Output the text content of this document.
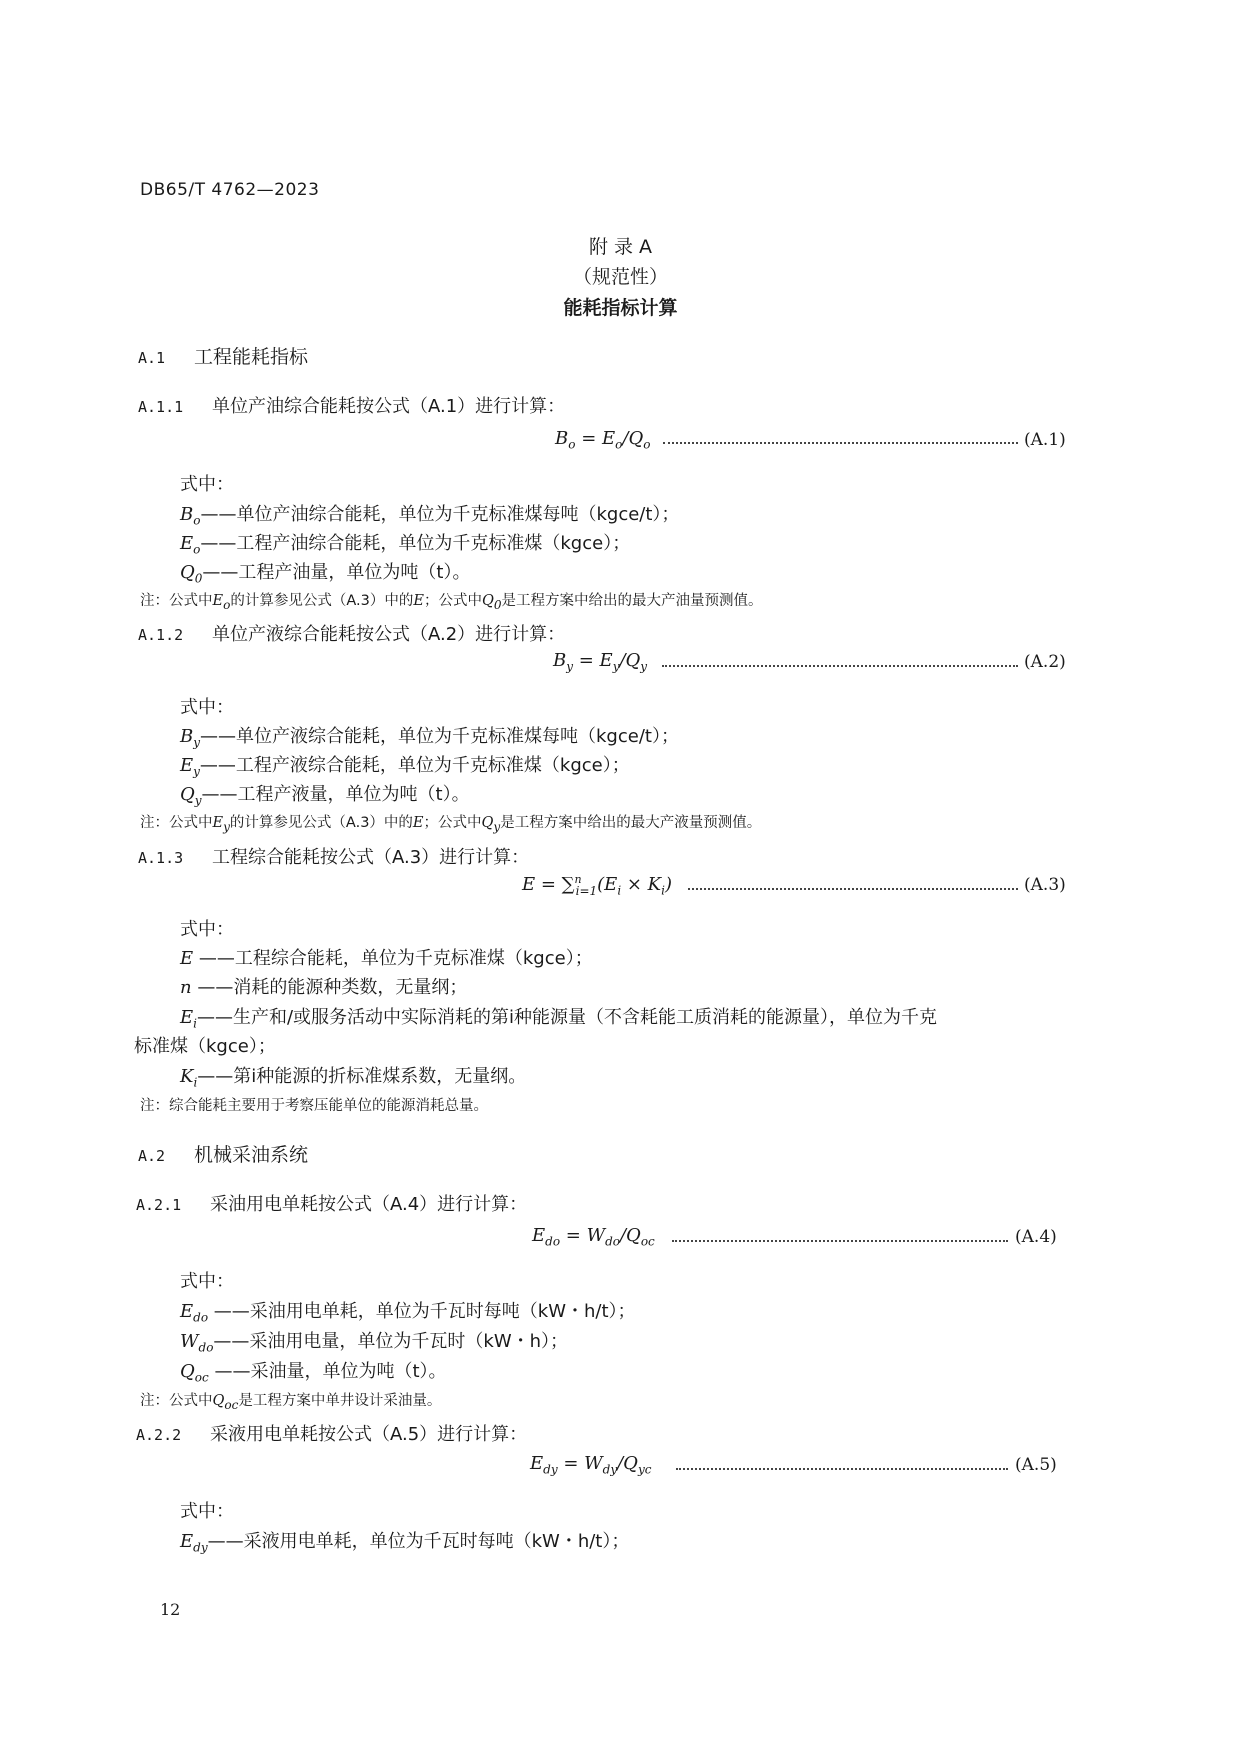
DB65/T 4762—2023
附 录 A
（规范性）
能耗指标计算
A.1 工程能耗指标
A.1.1 单位产油综合能耗按公式（A.1）进行计算：
$B_o = E_o/Q_o$	(A.1)
式中：
$B_o——$单位产油综合能耗，单位为千克标准煤每吨（kgce/t）；
$E_o——$工程产油综合能耗，单位为千克标准煤（kgce）；
$Q_0——$工程产油量，单位为吨（t）。
注：公式中$E_o$的计算参见公式（A.3）中的E；公式中$Q_0$是工程方案中给出的最大产油量预测值。
A.1.2 单位产液综合能耗按公式（A.2）进行计算：
$B_y = E_y/Q_y$	(A.2)
式中：
$B_y——$单位产液综合能耗，单位为千克标准煤每吨（kgce/t）；
$E_y——$工程产液综合能耗，单位为千克标准煤（kgce）；
$Q_y——$工程产液量，单位为吨（t）。
注：公式中$E_y$的计算参见公式（A.3）中的E；公式中$Q_y$是工程方案中给出的最大产液量预测值。
A.1.3 工程综合能耗按公式（A.3）进行计算：
$E = \sum^n_{i=1}(E_i \times K_i)$	(A.3)
式中：
E ——工程综合能耗，单位为千克标准煤（kgce）；
n ——消耗的能源种类数，无量纲；
$E_i——$生产和/或服务活动中实际消耗的第i种能源量（不含耗能工质消耗的能源量），单位为千克
标准煤（kgce）；
$K_i——$第i种能源的折标准煤系数，无量纲。
注：综合能耗主要用于考察压能单位的能源消耗总量。
A.2 机械采油系统
A.2.1 采油用电单耗按公式（A.4）进行计算：
$E_{do} = W_{do}/Q_{oc}$	(A.4)
式中：
$E_{do}$ ——采油用电单耗，单位为千瓦时每吨（kW・h/t）；
$W_{do}——$采油用电量，单位为千瓦时（kW・h）；
$Q_{oc}$ ——采油量，单位为吨（t）。
注：公式中$Q_{oc}$是工程方案中单井设计采油量。
A.2.2 采液用电单耗按公式（A.5）进行计算：
$E_{dy} = W_{dy}/Q_{yc}$	(A.5)
式中：
$E_{dy}——$采液用电单耗，单位为千瓦时每吨（kW・h/t）；
12
